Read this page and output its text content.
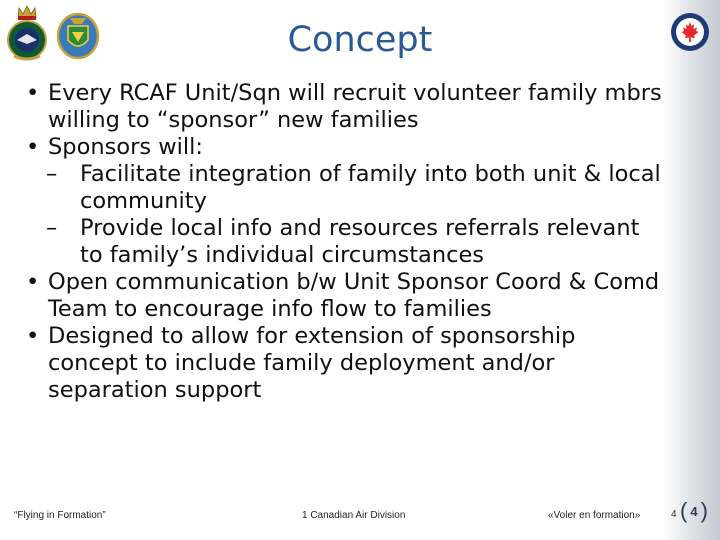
Concept
• Every RCAF Unit/Sqn will recruit volunteer family mbrs willing to “sponsor” new families
• Sponsors will:
– Facilitate integration of family into both unit & local community
– Provide local info and resources referrals relevant to family’s individual circumstances
• Open communication b/w Unit Sponsor Coord & Comd Team to encourage info flow to families
• Designed to allow for extension of sponsorship concept to include family deployment and/or separation support
“Flying in Formation”	1 Canadian Air Division	«Voler en formation»	4 ( 4 )
